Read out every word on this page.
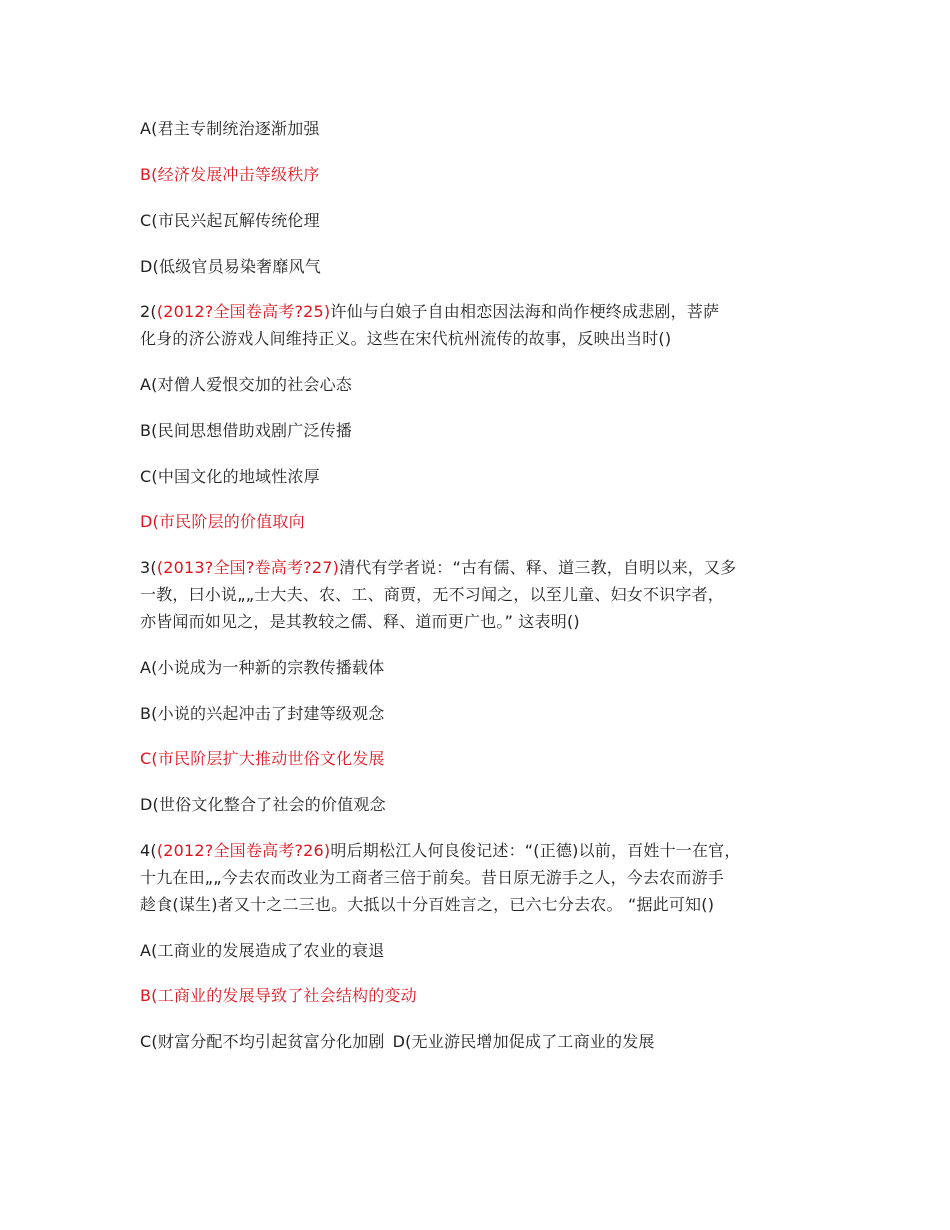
A(君主专制统治逐渐加强
B(经济发展冲击等级秩序
C(市民兴起瓦解传统伦理
D(低级官员易染奢靡风气
2((2012?全国卷高考?25)许仙与白娘子自由相恋因法海和尚作梗终成悲剧，菩萨
化身的济公游戏人间维持正义。这些在宋代杭州流传的故事，反映出当时()
A(对僧人爱恨交加的社会心态
B(民间思想借助戏剧广泛传播
C(中国文化的地域性浓厚
D(市民阶层的价值取向
3((2013?全国?卷高考?27)清代有学者说：“古有儒、释、道三教，自明以来，又多
一教，曰小说„„士大夫、农、工、商贾，无不习闻之，以至儿童、妇女不识字者，
亦皆闻而如见之，是其教较之儒、释、道而更广也。” 这表明()
A(小说成为一种新的宗教传播载体
B(小说的兴起冲击了封建等级观念
C(市民阶层扩大推动世俗文化发展
D(世俗文化整合了社会的价值观念
4((2012?全国卷高考?26)明后期松江人何良俊记述：“(正德)以前，百姓十一在官，
十九在田„„今去农而改业为工商者三倍于前矣。昔日原无游手之人，今去农而游手
趁食(谋生)者又十之二三也。大抵以十分百姓言之，已六七分去农。 “据此可知()
A(工商业的发展造成了农业的衰退
B(工商业的发展导致了社会结构的变动
C(财富分配不均引起贫富分化加剧 D(无业游民增加促成了工商业的发展
